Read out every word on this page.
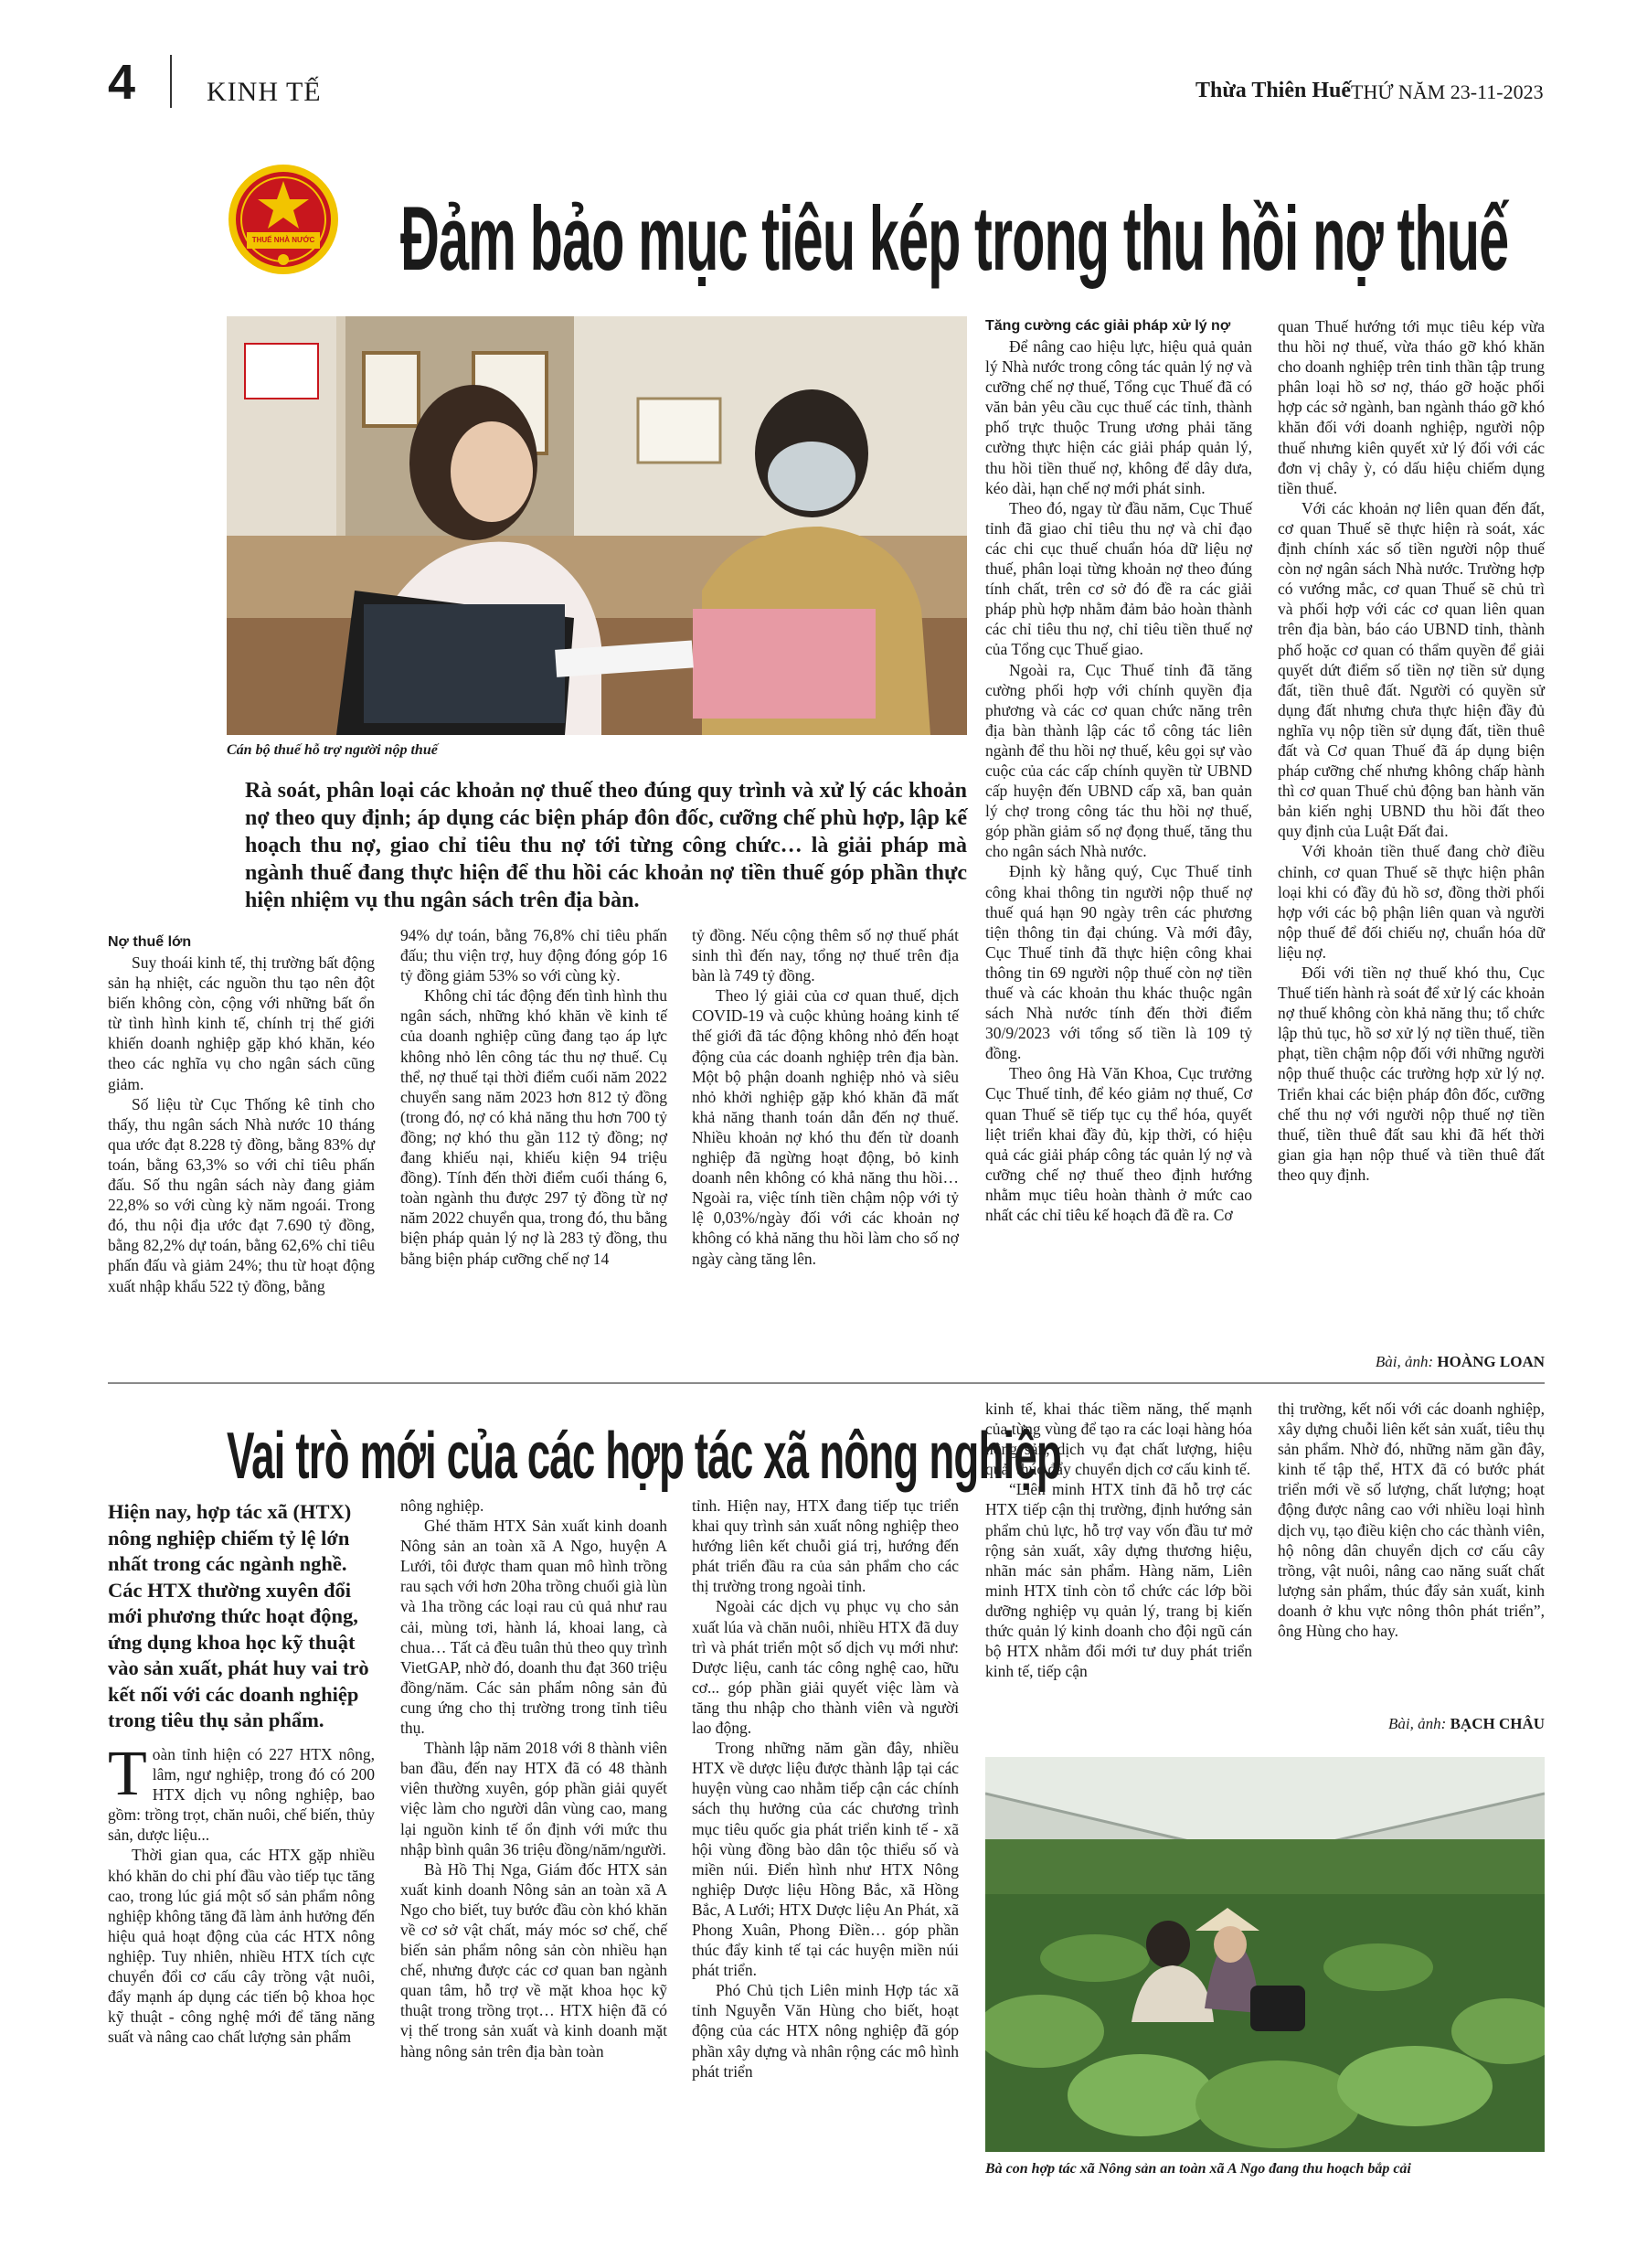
4	KINH TẾ	Thừa Thiên Huế THỨ NĂM 23-11-2023
THUẾ NHÀ NƯỚC Đảm bảo mục tiêu kép trong thu hồi nợ thuế
Cán bộ thuế hỗ trợ người nộp thuế

Rà soát, phân loại các khoản nợ thuế theo đúng quy trình và xử lý các khoản nợ theo quy định; áp dụng các biện pháp đôn đốc, cưỡng chế phù hợp, lập kế hoạch thu nợ, giao chỉ tiêu thu nợ tới từng công chức… là giải pháp mà ngành thuế đang thực hiện để thu hồi các khoản nợ tiền thuế góp phần thực hiện nhiệm vụ thu ngân sách trên địa bàn.

Nợ thuế lớn

Suy thoái kinh tế, thị trường bất động sản hạ nhiệt, các nguồn thu tạo nên đột biến không còn, cộng với những bất ổn từ tình hình kinh tế, chính trị thế giới khiến doanh nghiệp gặp khó khăn, kéo theo các nghĩa vụ cho ngân sách cũng giảm.

Số liệu từ Cục Thống kê tỉnh cho thấy, thu ngân sách Nhà nước 10 tháng qua ước đạt 8.228 tỷ đồng, bằng 83% dự toán, bằng 63,3% so với chỉ tiêu phấn đấu. Số thu ngân sách này đang giảm 22,8% so với cùng kỳ năm ngoái. Trong đó, thu nội địa ước đạt 7.690 tỷ đồng, bằng 82,2% dự toán, bằng 62,6% chỉ tiêu phấn đấu và giảm 24%; thu từ hoạt động xuất nhập khẩu 522 tỷ đồng, bằng

94% dự toán, bằng 76,8% chỉ tiêu phấn đấu; thu viện trợ, huy động đóng góp 16 tỷ đồng giảm 53% so với cùng kỳ.

Không chỉ tác động đến tình hình thu ngân sách, những khó khăn về kinh tế của doanh nghiệp cũng đang tạo áp lực không nhỏ lên công tác thu nợ thuế. Cụ thể, nợ thuế tại thời điểm cuối năm 2022 chuyển sang năm 2023 hơn 812 tỷ đồng (trong đó, nợ có khả năng thu hơn 700 tỷ đồng; nợ khó thu gần 112 tỷ đồng; nợ đang khiếu nại, khiếu kiện 94 triệu đồng). Tính đến thời điểm cuối tháng 6, toàn ngành thu được 297 tỷ đồng từ nợ năm 2022 chuyển qua, trong đó, thu bằng biện pháp quản lý nợ là 283 tỷ đồng, thu bằng biện pháp cưỡng chế nợ 14

tỷ đồng. Nếu cộng thêm số nợ thuế phát sinh thì đến nay, tổng nợ thuế trên địa bàn là 749 tỷ đồng.

Theo lý giải của cơ quan thuế, dịch COVID-19 và cuộc khủng hoảng kinh tế thế giới đã tác động không nhỏ đến hoạt động của các doanh nghiệp trên địa bàn. Một bộ phận doanh nghiệp nhỏ và siêu nhỏ khởi nghiệp gặp khó khăn đã mất khả năng thanh toán dẫn đến nợ thuế. Nhiều khoản nợ khó thu đến từ doanh nghiệp đã ngừng hoạt động, bỏ kinh doanh nên không có khả năng thu hồi… Ngoài ra, việc tính tiền chậm nộp với tỷ lệ 0,03%/ngày đối với các khoản nợ không có khả năng thu hồi làm cho số nợ ngày càng tăng lên.

Tăng cường các giải pháp xử lý nợ

Để nâng cao hiệu lực, hiệu quả quản lý Nhà nước trong công tác quản lý nợ và cưỡng chế nợ thuế, Tổng cục Thuế đã có văn bản yêu cầu cục thuế các tỉnh, thành phố trực thuộc Trung ương phải tăng cường thực hiện các giải pháp quản lý, thu hồi tiền thuế nợ, không để dây dưa, kéo dài, hạn chế nợ mới phát sinh.

Theo đó, ngay từ đầu năm, Cục Thuế tỉnh đã giao chỉ tiêu thu nợ và chỉ đạo các chi cục thuế chuẩn hóa dữ liệu nợ thuế, phân loại từng khoản nợ theo đúng tính chất, trên cơ sở đó đề ra các giải pháp phù hợp nhằm đảm bảo hoàn thành các chỉ tiêu thu nợ, chỉ tiêu tiền thuế nợ của Tổng cục Thuế giao.

Ngoài ra, Cục Thuế tỉnh đã tăng cường phối hợp với chính quyền địa phương và các cơ quan chức năng trên địa bàn thành lập các tổ công tác liên ngành để thu hồi nợ thuế, kêu gọi sự vào cuộc của các cấp chính quyền từ UBND cấp huyện đến UBND cấp xã, ban quản lý chợ trong công tác thu hồi nợ thuế, góp phần giảm số nợ đọng thuế, tăng thu cho ngân sách Nhà nước.

Định kỳ hằng quý, Cục Thuế tỉnh công khai thông tin người nộp thuế nợ thuế quá hạn 90 ngày trên các phương tiện thông tin đại chúng. Và mới đây, Cục Thuế tỉnh đã thực hiện công khai thông tin 69 người nộp thuế còn nợ tiền thuế và các khoản thu khác thuộc ngân sách Nhà nước tính đến thời điểm 30/9/2023 với tổng số tiền là 109 tỷ đồng.

Theo ông Hà Văn Khoa, Cục trưởng Cục Thuế tỉnh, để kéo giảm nợ thuế, Cơ quan Thuế sẽ tiếp tục cụ thể hóa, quyết liệt triển khai đầy đủ, kịp thời, có hiệu quả các giải pháp công tác quản lý nợ và cưỡng chế nợ thuế theo định hướng nhằm mục tiêu hoàn thành ở mức cao nhất các chỉ tiêu kế hoạch đã đề ra. Cơ

quan Thuế hướng tới mục tiêu kép vừa thu hồi nợ thuế, vừa tháo gỡ khó khăn cho doanh nghiệp trên tinh thần tập trung phân loại hồ sơ nợ, tháo gỡ hoặc phối hợp các sở ngành, ban ngành tháo gỡ khó khăn đối với doanh nghiệp, người nộp thuế nhưng kiên quyết xử lý đối với các đơn vị chây ỳ, có dấu hiệu chiếm dụng tiền thuế.

Với các khoản nợ liên quan đến đất, cơ quan Thuế sẽ thực hiện rà soát, xác định chính xác số tiền người nộp thuế còn nợ ngân sách Nhà nước. Trường hợp có vướng mắc, cơ quan Thuế sẽ chủ trì và phối hợp với các cơ quan liên quan trên địa bàn, báo cáo UBND tỉnh, thành phố hoặc cơ quan có thẩm quyền để giải quyết dứt điểm số tiền nợ tiền sử dụng đất, tiền thuê đất. Người có quyền sử dụng đất nhưng chưa thực hiện đầy đủ nghĩa vụ nộp tiền sử dụng đất, tiền thuê đất và Cơ quan Thuế đã áp dụng biện pháp cưỡng chế nhưng không chấp hành thì cơ quan Thuế chủ động ban hành văn bản kiến nghị UBND thu hồi đất theo quy định của Luật Đất đai.

Với khoản tiền thuế đang chờ điều chỉnh, cơ quan Thuế sẽ thực hiện phân loại khi có đầy đủ hồ sơ, đồng thời phối hợp với các bộ phận liên quan và người nộp thuế để đối chiếu nợ, chuẩn hóa dữ liệu nợ.

Đối với tiền nợ thuế khó thu, Cục Thuế tiến hành rà soát để xử lý các khoản nợ thuế không còn khả năng thu; tổ chức lập thủ tục, hồ sơ xử lý nợ tiền thuế, tiền phạt, tiền chậm nộp đối với những người nộp thuế thuộc các trường hợp xử lý nợ. Triển khai các biện pháp đôn đốc, cưỡng chế thu nợ với người nộp thuế nợ tiền thuế, tiền thuê đất sau khi đã hết thời gian gia hạn nộp thuế và tiền thuê đất theo quy định.

Bài, ảnh: HOÀNG LOAN
Vai trò mới của các hợp tác xã nông nghiệp

Hiện nay, hợp tác xã (HTX) nông nghiệp chiếm tỷ lệ lớn nhất trong các ngành nghề. Các HTX thường xuyên đổi mới phương thức hoạt động, ứng dụng khoa học kỹ thuật vào sản xuất, phát huy vai trò kết nối với các doanh nghiệp trong tiêu thụ sản phẩm.

T oàn tỉnh hiện có 227 HTX nông, lâm, ngư nghiệp, trong đó có 200 HTX dịch vụ nông nghiệp, bao gồm: trồng trọt, chăn nuôi, chế biến, thủy sản, dược liệu...

Thời gian qua, các HTX gặp nhiều khó khăn do chi phí đầu vào tiếp tục tăng cao, trong lúc giá một số sản phẩm nông nghiệp không tăng đã làm ảnh hưởng đến hiệu quả hoạt động của các HTX nông nghiệp. Tuy nhiên, nhiều HTX tích cực chuyển đổi cơ cấu cây trồng vật nuôi, đẩy mạnh áp dụng các tiến bộ khoa học kỹ thuật - công nghệ mới để tăng năng suất và nâng cao chất lượng sản phẩm

nông nghiệp.

Ghé thăm HTX Sản xuất kinh doanh Nông sản an toàn xã A Ngo, huyện A Lưới, tôi được tham quan mô hình trồng rau sạch với hơn 20ha trồng chuối già lùn và 1ha trồng các loại rau củ quả như rau cải, mùng tơi, hành lá, khoai lang, cà chua… Tất cả đều tuân thủ theo quy trình VietGAP, nhờ đó, doanh thu đạt 360 triệu đồng/năm. Các sản phẩm nông sản đủ cung ứng cho thị trường trong tỉnh tiêu thụ.

Thành lập năm 2018 với 8 thành viên ban đầu, đến nay HTX đã có 48 thành viên thường xuyên, góp phần giải quyết việc làm cho người dân vùng cao, mang lại nguồn kinh tế ổn định với mức thu nhập bình quân 36 triệu đồng/năm/người.

Bà Hồ Thị Nga, Giám đốc HTX sản xuất kinh doanh Nông sản an toàn xã A Ngo cho biết, tuy bước đầu còn khó khăn về cơ sở vật chất, máy móc sơ chế, chế biến sản phẩm nông sản còn nhiều hạn chế, nhưng được các cơ quan ban ngành quan tâm, hỗ trợ về mặt khoa học kỹ thuật trong trồng trọt… HTX hiện đã có vị thế trong sản xuất và kinh doanh mặt hàng nông sản trên địa bàn toàn

tỉnh. Hiện nay, HTX đang tiếp tục triển khai quy trình sản xuất nông nghiệp theo hướng liên kết chuỗi giá trị, hướng đến phát triển đầu ra của sản phẩm cho các thị trường trong ngoài tỉnh.

Ngoài các dịch vụ phục vụ cho sản xuất lúa và chăn nuôi, nhiều HTX đã duy trì và phát triển một số dịch vụ mới như: Dược liệu, canh tác công nghệ cao, hữu cơ... góp phần giải quyết việc làm và tăng thu nhập cho thành viên và người lao động.

Trong những năm gần đây, nhiều HTX về dược liệu được thành lập tại các huyện vùng cao nhằm tiếp cận các chính sách thụ hưởng của các chương trình mục tiêu quốc gia phát triển kinh tế - xã hội vùng đồng bào dân tộc thiểu số và miền núi. Điển hình như HTX Nông nghiệp Dược liệu Hồng Bắc, xã Hồng Bắc, A Lưới; HTX Dược liệu An Phát, xã Phong Xuân, Phong Điền… góp phần thúc đẩy kinh tế tại các huyện miền núi phát triển.

Phó Chủ tịch Liên minh Hợp tác xã tỉnh Nguyễn Văn Hùng cho biết, hoạt động của các HTX nông nghiệp đã góp phần xây dựng và nhân rộng các mô hình phát triển

kinh tế, khai thác tiềm năng, thế mạnh của từng vùng để tạo ra các loại hàng hóa nông sản, dịch vụ đạt chất lượng, hiệu quả, thúc đẩy chuyển dịch cơ cấu kinh tế.

“Liên minh HTX tỉnh đã hỗ trợ các HTX tiếp cận thị trường, định hướng sản phẩm chủ lực, hỗ trợ vay vốn đầu tư mở rộng sản xuất, xây dựng thương hiệu, nhãn mác sản phẩm. Hàng năm, Liên minh HTX tỉnh còn tổ chức các lớp bồi dưỡng nghiệp vụ quản lý, trang bị kiến thức quản lý kinh doanh cho đội ngũ cán bộ HTX nhằm đổi mới tư duy phát triển kinh tế, tiếp cận

thị trường, kết nối với các doanh nghiệp, xây dựng chuỗi liên kết sản xuất, tiêu thụ sản phẩm. Nhờ đó, những năm gần đây, kinh tế tập thể, HTX đã có bước phát triển mới về số lượng, chất lượng; hoạt động được nâng cao với nhiều loại hình dịch vụ, tạo điều kiện cho các thành viên, hộ nông dân chuyển dịch cơ cấu cây trồng, vật nuôi, nâng cao năng suất chất lượng sản phẩm, thúc đẩy sản xuất, kinh doanh ở khu vực nông thôn phát triển”, ông Hùng cho hay.

Bài, ảnh: BẠCH CHÂU
Bà con hợp tác xã Nông sản an toàn xã A Ngo đang thu hoạch bắp cải
